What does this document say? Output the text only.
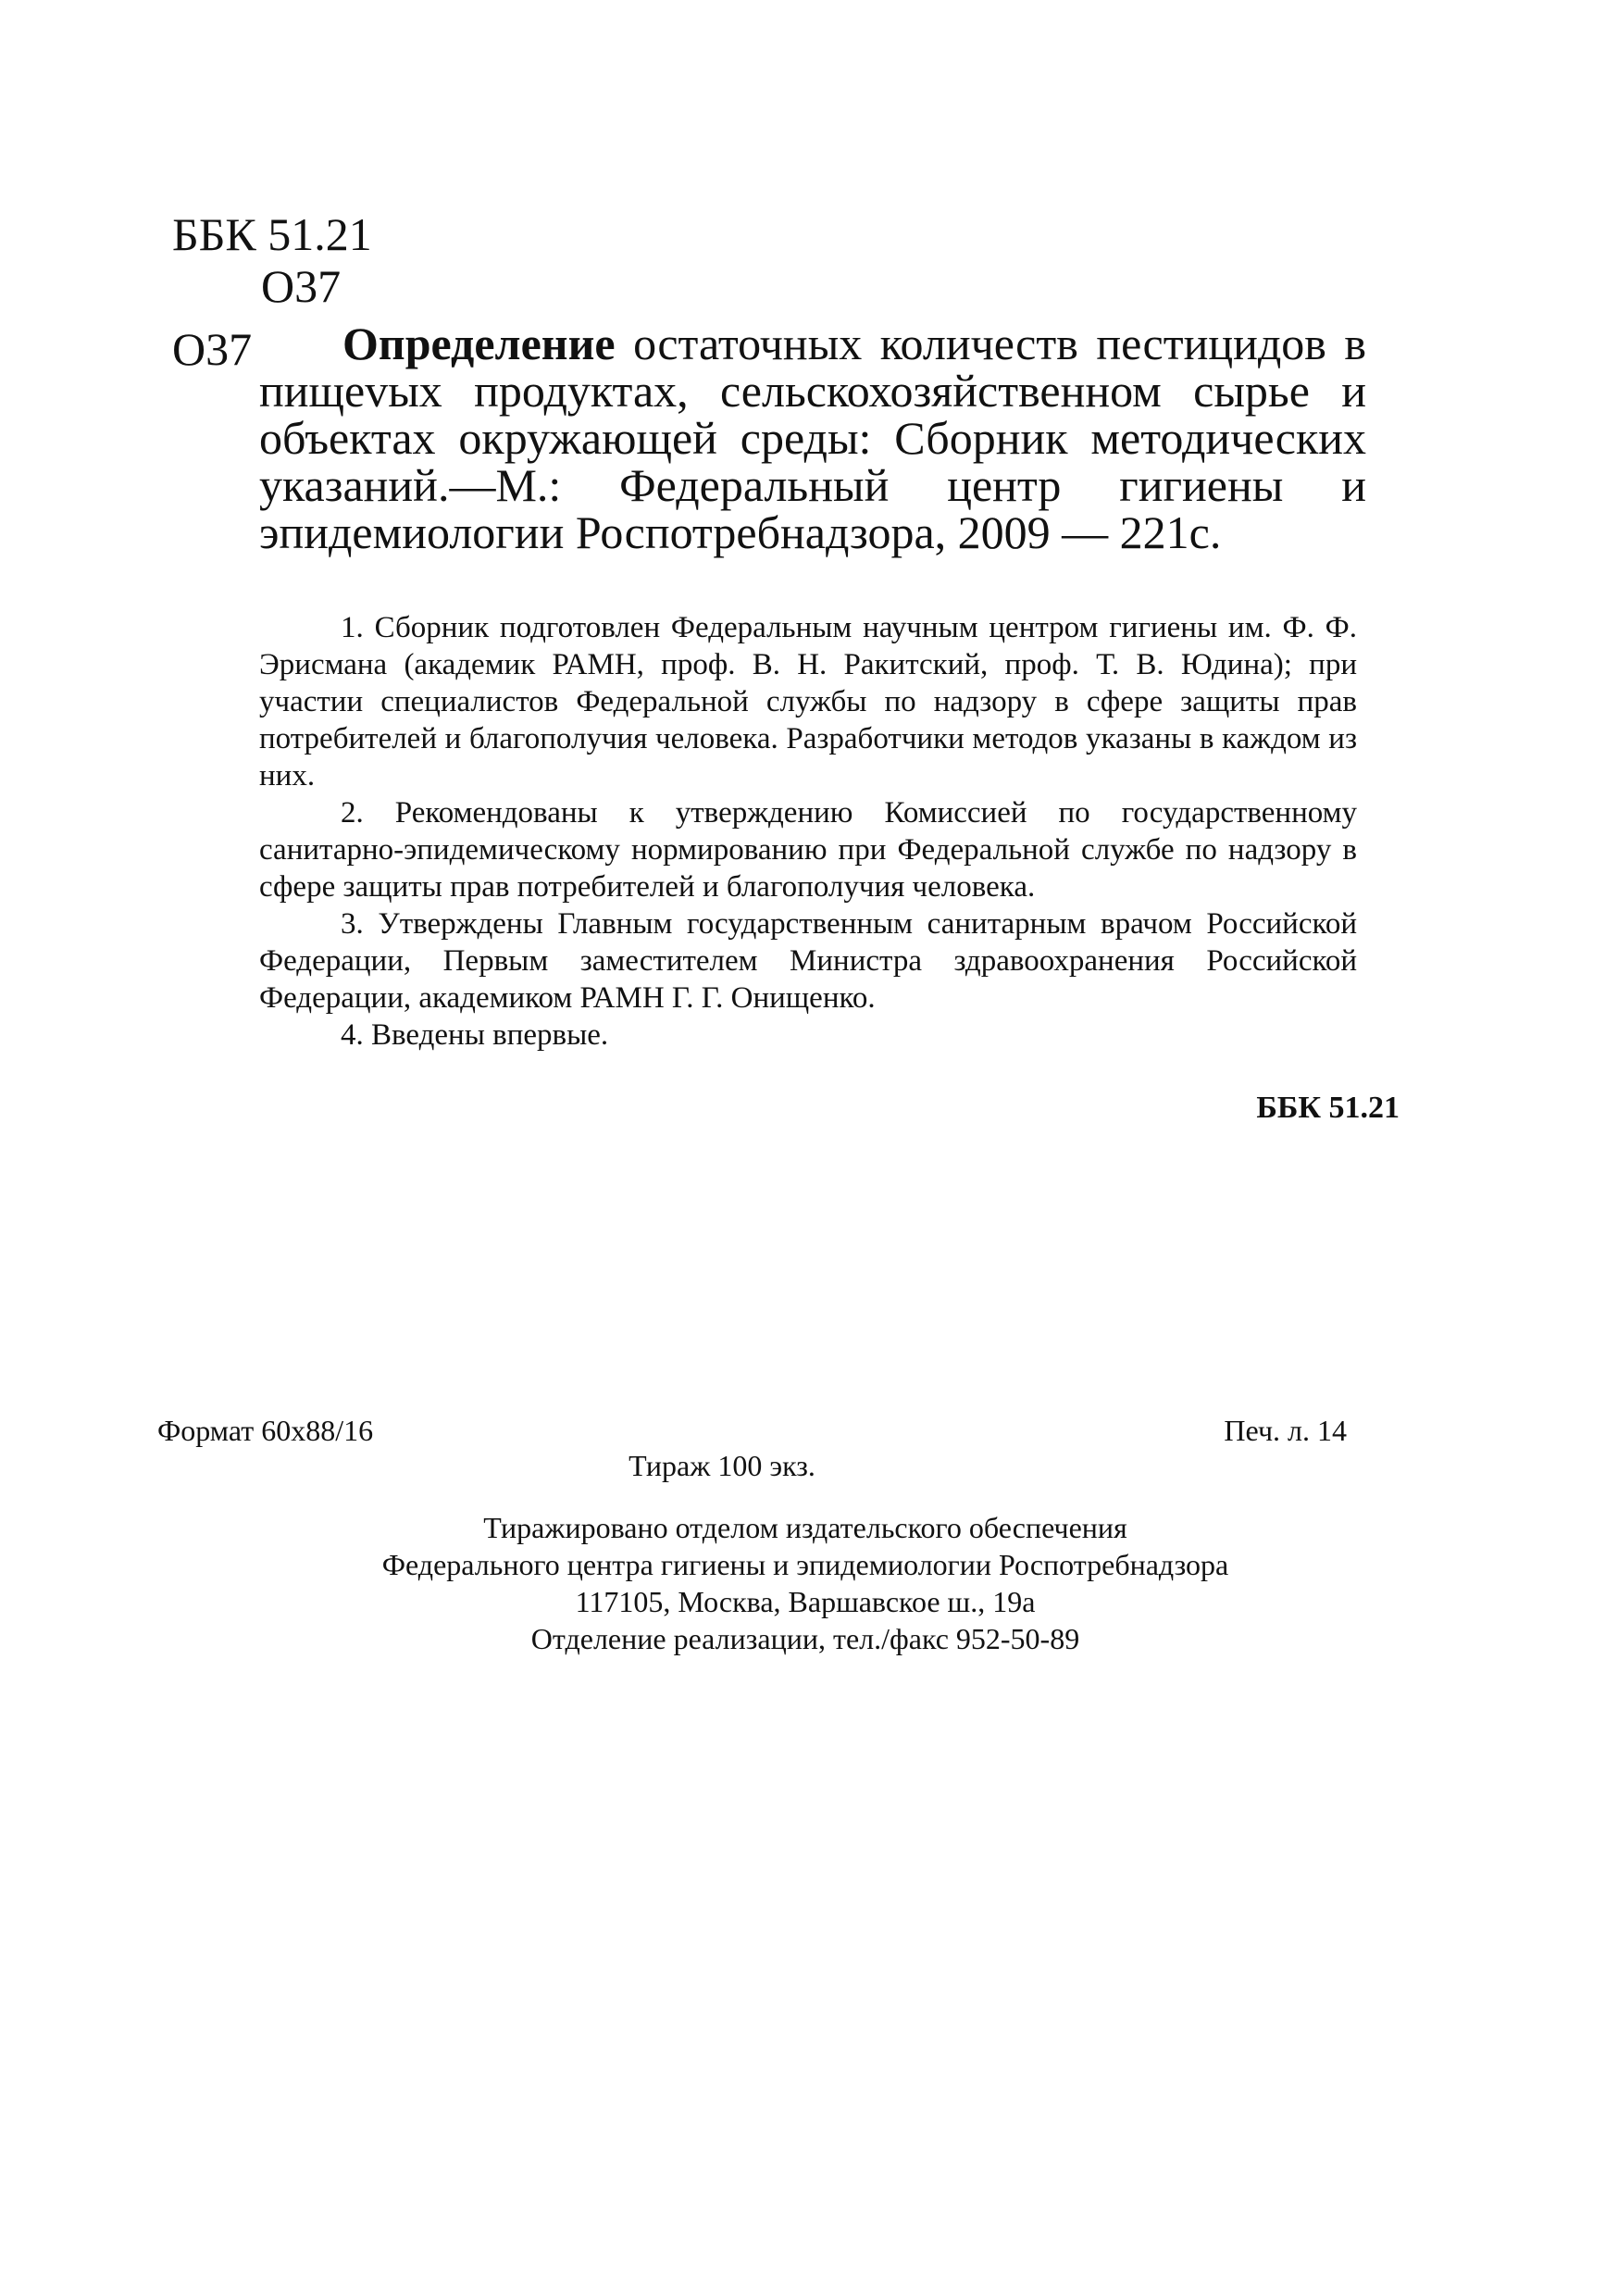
ББК 51.21
О37
О37	Определение остаточных количеств пестицидов в пищеvых продуктах, сельскохозяйственном сырье и объектах окружающей среды: Сборник методических указаний.—М.: Федеральный центр гигиены и эпидемиологии Роспотребнадзора, 2009 — 221с.

1. Сборник подготовлен Федеральным научным центром гигиены им. Ф. Ф. Эрисмана (академик РАМН, проф. В. Н. Ракитский, проф. Т. В. Юдина); при участии специалистов Федеральной службы по надзору в сфере защиты прав потребителей и благополучия человека. Разработчики методов указаны в каждом из них.

2. Рекомендованы к утверждению Комиссией по государственному санитарно-эпидемическому нормированию при Федеральной службе по надзору в сфере защиты прав потребителей и благополучия человека.

3. Утверждены Главным государственным санитарным врачом Российской Федерации, Первым заместителем Министра здравоохранения Российской Федерации, академиком РАМН Г. Г. Онищенко.

4. Введены впервые.

ББК 51.21
Формат 60х88/16	Печ. л. 14
Тираж 100 экз.
Тиражировано отделом издательского обеспечения
Федерального центра гигиены и эпидемиологии Роспотребнадзора
117105, Москва, Варшавское ш., 19а
Отделение реализации, тел./факс 952-50-89
